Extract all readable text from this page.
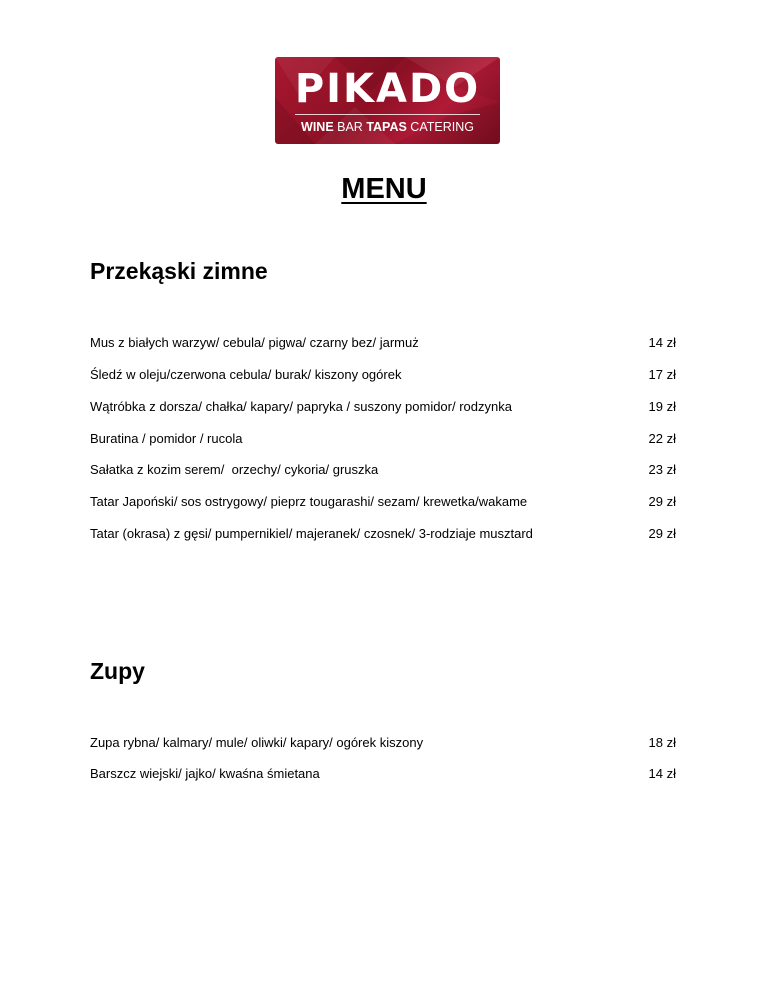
PIKADO
WINE BAR TAPAS CATERING
MENU
Przekąski zimne
Mus z białych warzyw/ cebula/ pigwa/ czarny bez/ jarmuż	14 zł
Śledź w oleju/czerwona cebula/ burak/ kiszony ogórek	17 zł
Wątróbka z dorsza/ chałka/ kapary/ papryka / suszony pomidor/ rodzynka	19 zł
Buratina / pomidor / rucola	22 zł
Sałatka z kozim serem/  orzechy/ cykoria/ gruszka	23 zł
Tatar Japoński/ sos ostrygowy/ pieprz tougarashi/ sezam/ krewetka/wakame	29 zł
Tatar (okrasa) z gęsi/ pumpernikiel/ majeranek/ czosnek/ 3-rodziaje musztard	29 zł
Zupy
Zupa rybna/ kalmary/ mule/ oliwki/ kapary/ ogórek kiszony	18 zł
Barszcz wiejski/ jajko/ kwaśna śmietana	14 zł
